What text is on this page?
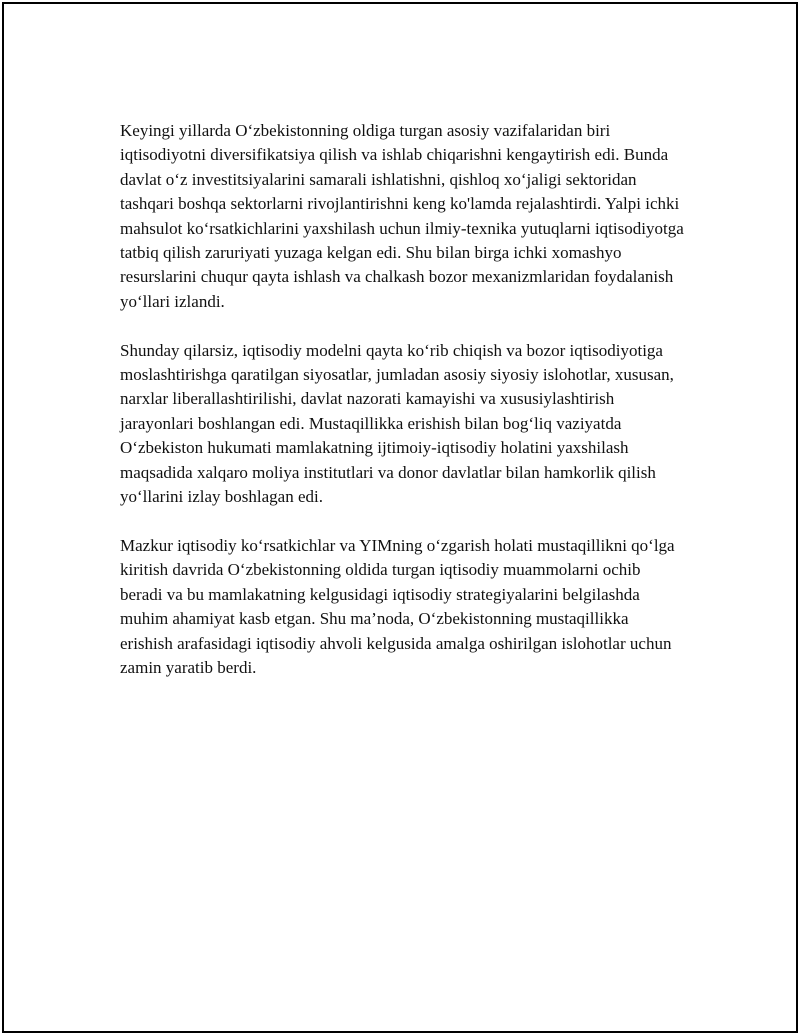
Keyingi yillarda O‘zbekistonning oldiga turgan asosiy vazifalaridan biri iqtisodiyotni diversifikatsiya qilish va ishlab chiqarishni kengaytirish edi. Bunda davlat o‘z investitsiyalarini samarali ishlatishni, qishloq xo‘jaligi sektoridan tashqari boshqa sektorlarni rivojlantirishni keng ko'lamda rejalashtirdi. Yalpi ichki mahsulot ko‘rsatkichlarini yaxshilash uchun ilmiy-texnika yutuqlarni iqtisodiyotga tatbiq qilish zaruriyati yuzaga kelgan edi. Shu bilan birga ichki xomashyo resurslarini chuqur qayta ishlash va chalkash bozor mexanizmlaridan foydalanish yo‘llari izlandi.

Shunday qilarsiz, iqtisodiy modelni qayta ko‘rib chiqish va bozor iqtisodiyotiga moslashtirishga qaratilgan siyosatlar, jumladan asosiy siyosiy islohotlar, xususan, narxlar liberallashtirilishi, davlat nazorati kamayishi va xususiylashtirish jarayonlari boshlangan edi. Mustaqillikka erishish bilan bog‘liq vaziyatda O‘zbekiston hukumati mamlakatning ijtimoiy-iqtisodiy holatini yaxshilash maqsadida xalqaro moliya institutlari va donor davlatlar bilan hamkorlik qilish yo‘llarini izlay boshlagan edi.

Mazkur iqtisodiy ko‘rsatkichlar va YIMning o‘zgarish holati mustaqillikni qo‘lga kiritish davrida O‘zbekistonning oldida turgan iqtisodiy muammolarni ochib beradi va bu mamlakatning kelgusidagi iqtisodiy strategiyalarini belgilashda muhim ahamiyat kasb etgan. Shu ma’noda, O‘zbekistonning mustaqillikka erishish arafasidagi iqtisodiy ahvoli kelgusida amalga oshirilgan islohotlar uchun zamin yaratib berdi.
